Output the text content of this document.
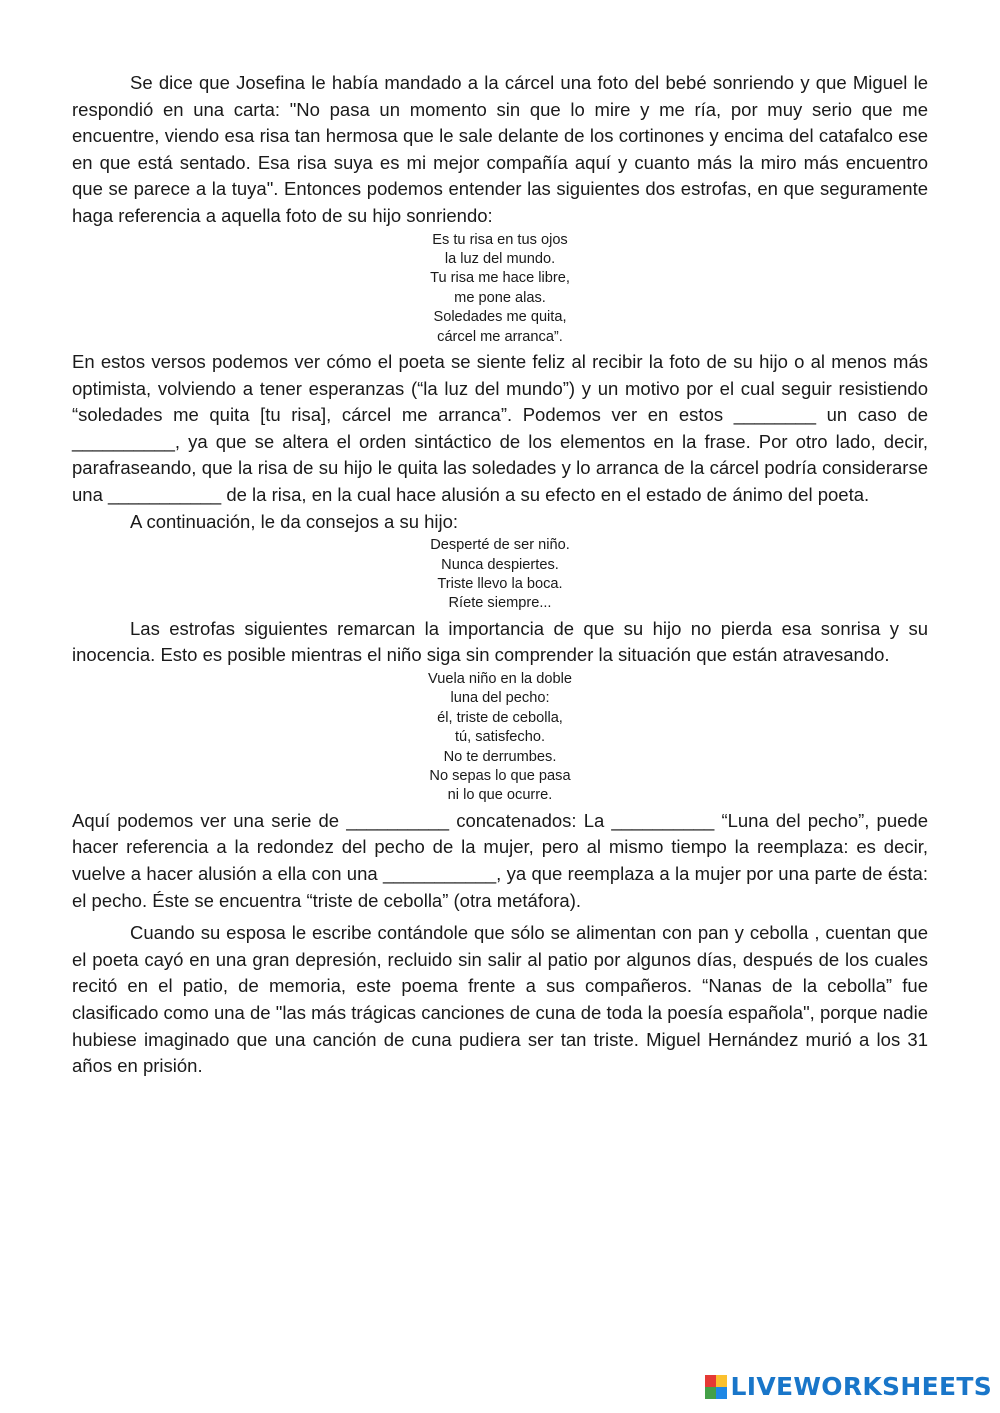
Se dice que Josefina le había mandado a la cárcel una foto del bebé sonriendo y que Miguel le respondió en una carta: "No pasa un momento sin que lo mire y me ría, por muy serio que me encuentre, viendo esa risa tan hermosa que le sale delante de los cortinones y encima del catafalco ese en que está sentado. Esa risa suya es mi mejor compañía aquí y cuanto más la miro más encuentro que se parece a la tuya". Entonces podemos entender las siguientes dos estrofas, en que seguramente haga referencia a aquella foto de su hijo sonriendo:

Es tu risa en tus ojos
la luz del mundo.
Tu risa me hace libre,
me pone alas.
Soledades me quita,
cárcel me arranca”.

En estos versos podemos ver cómo el poeta se siente feliz al recibir la foto de su hijo o al menos más optimista, volviendo a tener esperanzas (“la luz del mundo”) y un motivo por el cual seguir resistiendo “soledades me quita [tu risa], cárcel me arranca”. Podemos ver en estos ________ un caso de __________, ya que se altera el orden sintáctico de los elementos en la frase. Por otro lado, decir, parafraseando, que la risa de su hijo le quita las soledades y lo arranca de la cárcel podría considerarse una ___________ de la risa, en la cual hace alusión a su efecto en el estado de ánimo del poeta.

A continuación, le da consejos a su hijo:

Desperté de ser niño.
Nunca despiertes.
Triste llevo la boca.
Ríete siempre...

Las estrofas siguientes remarcan la importancia de que su hijo no pierda esa sonrisa y su inocencia. Esto es posible mientras el niño siga sin comprender la situación que están atravesando.

Vuela niño en la doble
luna del pecho:
él, triste de cebolla,
tú, satisfecho.
No te derrumbes.
No sepas lo que pasa
ni lo que ocurre.

Aquí podemos ver una serie de __________ concatenados: La __________ “Luna del pecho”, puede hacer referencia a la redondez del pecho de la mujer, pero al mismo tiempo la reemplaza: es decir, vuelve a hacer alusión a ella con una ___________, ya que reemplaza a la mujer por una parte de ésta: el pecho. Éste se encuentra “triste de cebolla” (otra metáfora).

Cuando su esposa le escribe contándole que sólo se alimentan con pan y cebolla , cuentan que el poeta cayó en una gran depresión, recluido sin salir al patio por algunos días, después de los cuales recitó en el patio, de memoria, este poema frente a sus compañeros. “Nanas de la cebolla” fue clasificado como una de "las más trágicas canciones de cuna de toda la poesía española", porque nadie hubiese imaginado que una canción de cuna pudiera ser tan triste. Miguel Hernández murió a los 31 años en prisión.

LIVEWORKSHEETS
